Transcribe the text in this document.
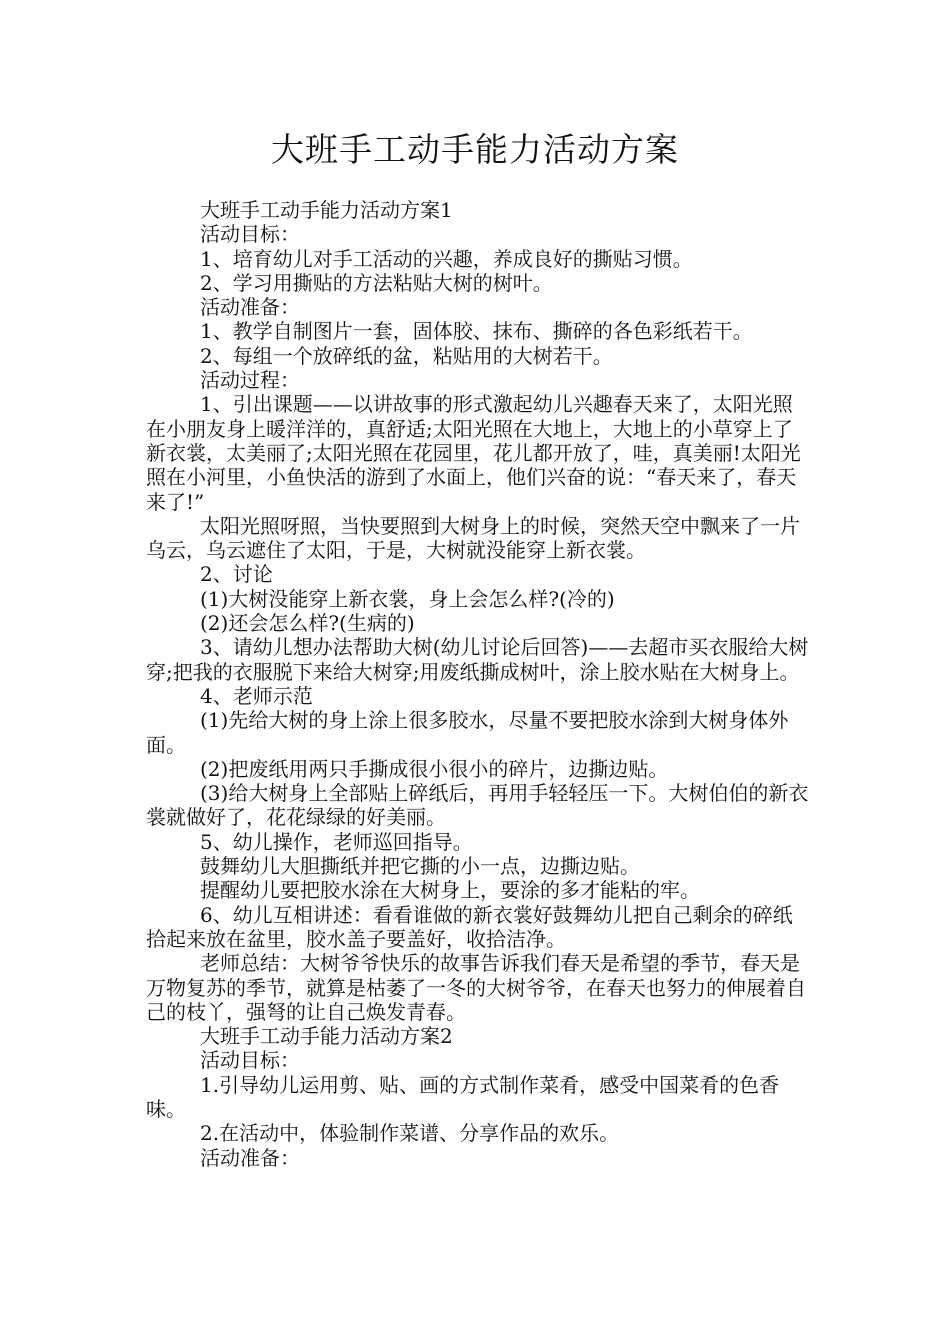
大班手工动手能力活动方案

大班手工动手能力活动方案1

活动目标：

1、培育幼儿对手工活动的兴趣，养成良好的撕贴习惯。

2、学习用撕贴的方法粘贴大树的树叶。

活动准备：

1、教学自制图片一套，固体胶、抹布、撕碎的各色彩纸若干。

2、每组一个放碎纸的盆，粘贴用的大树若干。

活动过程：

1、引出课题——以讲故事的形式激起幼儿兴趣春天来了，太阳光照在小朋友身上暖洋洋的，真舒适;太阳光照在大地上，大地上的小草穿上了新衣裳，太美丽了;太阳光照在花园里，花儿都开放了，哇，真美丽!太阳光照在小河里，小鱼快活的游到了水面上，他们兴奋的说：“春天来了，春天来了!”

太阳光照呀照，当快要照到大树身上的时候，突然天空中飘来了一片乌云，乌云遮住了太阳，于是，大树就没能穿上新衣裳。

2、讨论

(1)大树没能穿上新衣裳，身上会怎么样?(冷的)

(2)还会怎么样?(生病的)

3、请幼儿想办法帮助大树(幼儿讨论后回答)——去超市买衣服给大树穿;把我的衣服脱下来给大树穿;用废纸撕成树叶，涂上胶水贴在大树身上。

4、老师示范

(1)先给大树的身上涂上很多胶水，尽量不要把胶水涂到大树身体外面。

(2)把废纸用两只手撕成很小很小的碎片，边撕边贴。

(3)给大树身上全部贴上碎纸后，再用手轻轻压一下。大树伯伯的新衣裳就做好了，花花绿绿的好美丽。

5、幼儿操作，老师巡回指导。

鼓舞幼儿大胆撕纸并把它撕的小一点，边撕边贴。

提醒幼儿要把胶水涂在大树身上，要涂的多才能粘的牢。

6、幼儿互相讲述：看看谁做的新衣裳好鼓舞幼儿把自己剩余的碎纸拾起来放在盆里，胶水盖子要盖好，收拾洁净。

老师总结：大树爷爷快乐的故事告诉我们春天是希望的季节，春天是万物复苏的季节，就算是枯萎了一冬的大树爷爷，在春天也努力的伸展着自己的枝丫，强弩的让自己焕发青春。

大班手工动手能力活动方案2

活动目标：

1.引导幼儿运用剪、贴、画的方式制作菜肴，感受中国菜肴的色香味。

2.在活动中，体验制作菜谱、分享作品的欢乐。

活动准备：
